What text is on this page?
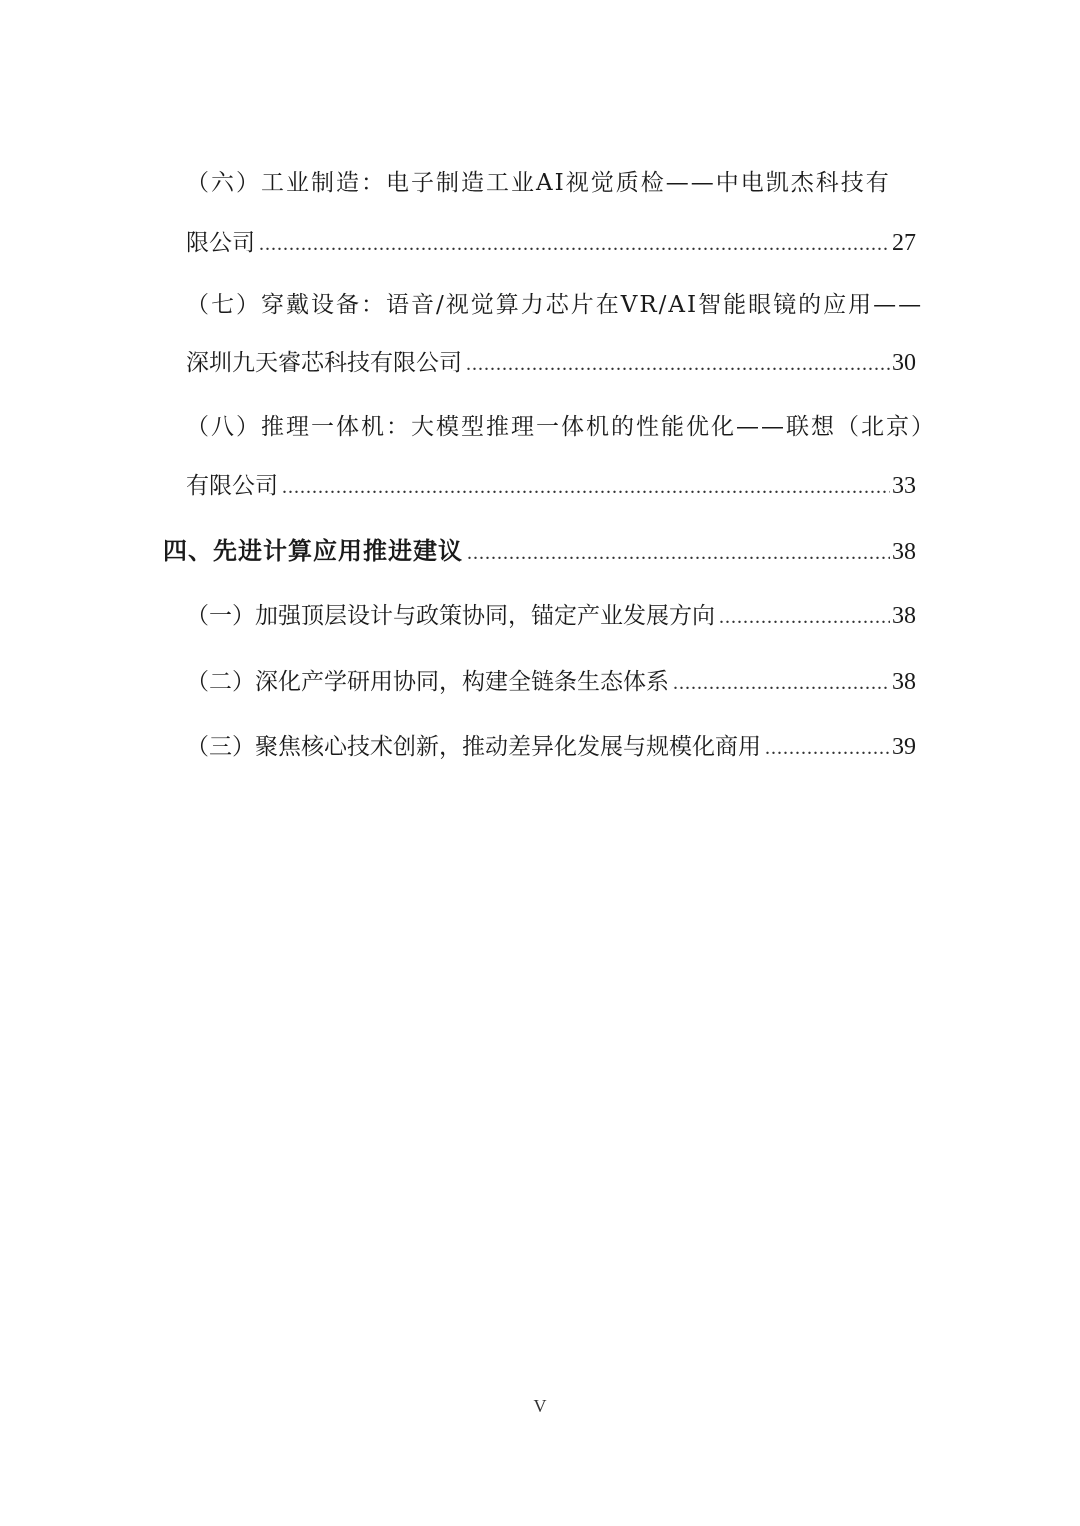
（六）工业制造：电子制造工业AI视觉质检——中电凯杰科技有
限公司 .....	27
（七）穿戴设备：语音/视觉算力芯片在VR/AI智能眼镜的应用——
深圳九天睿芯科技有限公司 .....	30
（八）推理一体机：大模型推理一体机的性能优化——联想（北京）
有限公司 .....	33
四、先进计算应用推进建议 .....	38
（一）加强顶层设计与政策协同，锚定产业发展方向 .....	38
（二）深化产学研用协同，构建全链条生态体系 .....	38
（三）聚焦核心技术创新，推动差异化发展与规模化商用 .....	39
V
